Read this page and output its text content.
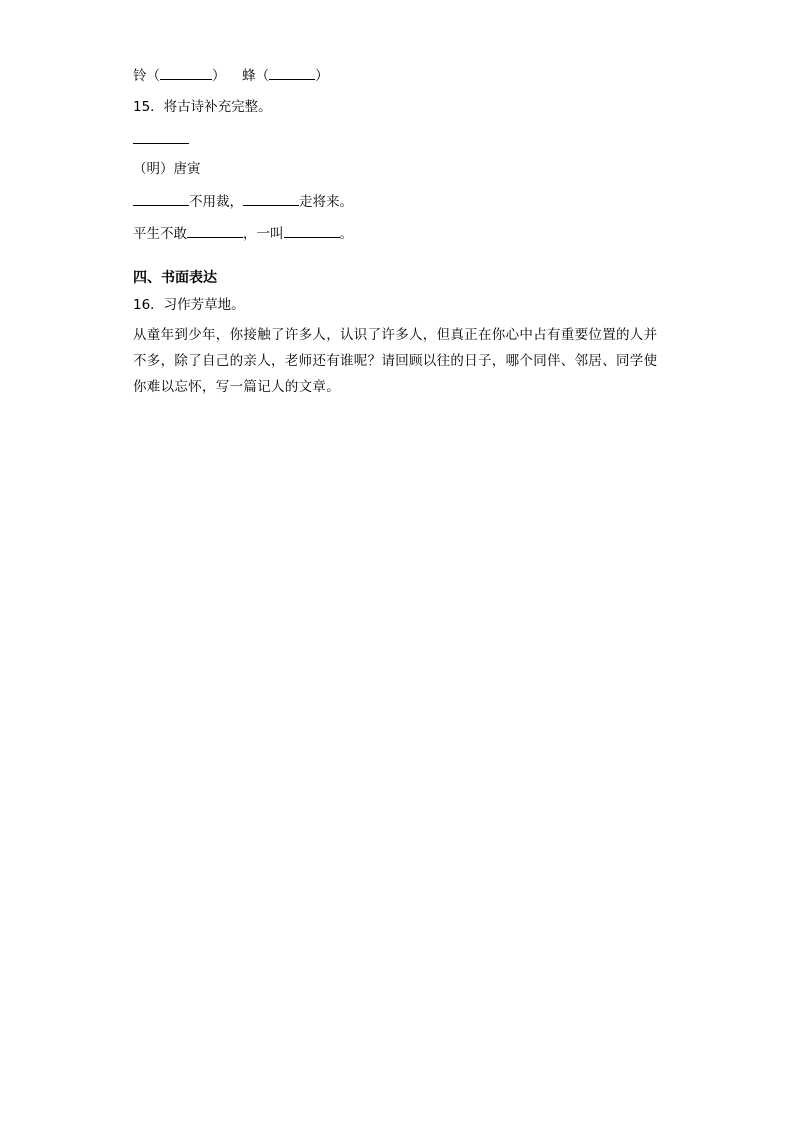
铃（	） 蜂（	）
15．将古诗补充完整。
（明）唐寅
不用裁，	走将来。
平生不敢	，一叫	。
四、书面表达
16．习作芳草地。
从童年到少年，你接触了许多人，认识了许多人，但真正在你心中占有重要位置的人并
不多，除了自己的亲人，老师还有谁呢？请回顾以往的日子，哪个同伴、邻居、同学使
你难以忘怀，写一篇记人的文章。
